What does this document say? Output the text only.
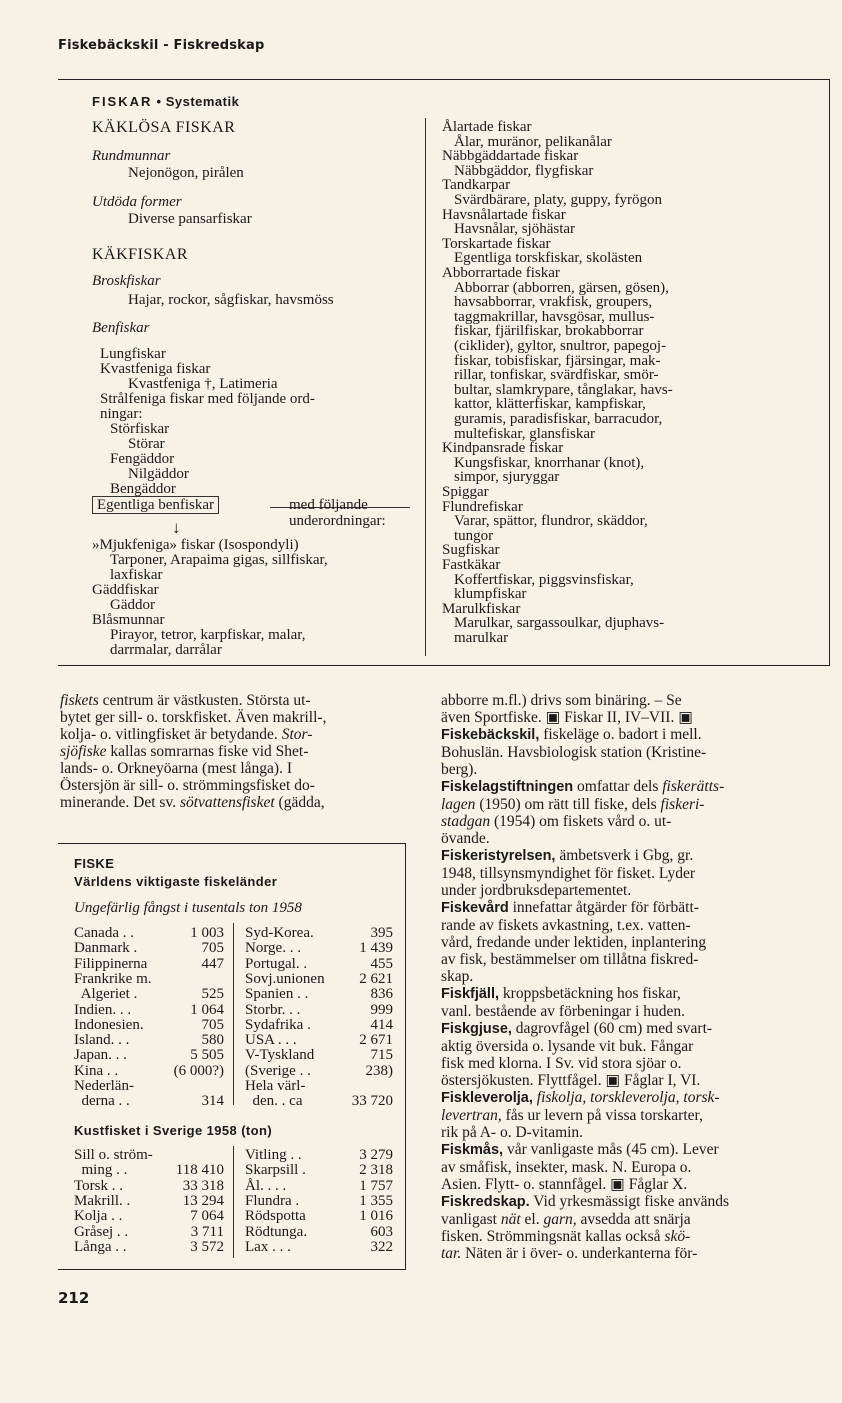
Fiskebäckskil - Fiskredskap
FISKAR • Systematik
KÄKLÖSA FISKAR
Rundmunnar
Nejonögon, pirålen
Utdöda former
Diverse pansarfiskar
KÄKFISKAR
Broskfiskar
Hajar, rockor, sågfiskar, havsmöss
Benfiskar
Lungfiskar
Kvastfeniga fiskar
Kvastfeniga †, Latimeria
Strålfeniga fiskar med följande ord-
ningar:
Störfiskar
Störar
Fengäddor
Nilgäddor
Bengäddor
Egentliga benfiskar	med följande
underordningar:
↓
»Mjukfeniga» fiskar (Isospondyli)
Tarponer, Arapaima gigas, sillfiskar,
laxfiskar
Gäddfiskar
Gäddor
Blåsmunnar
Pirayor, tetror, karpfiskar, malar,
darrmalar, darrålar
Ålartade fiskar
Ålar, muränor, pelikanålar
Näbbgäddartade fiskar
Näbbgäddor, flygfiskar
Tandkarpar
Svärdbärare, platy, guppy, fyrögon
Havsnålartade fiskar
Havsnålar, sjöhästar
Torskartade fiskar
Egentliga torskfiskar, skolästen
Abborrartade fiskar
Abborrar (abborren, gärsen, gösen),
havsabborrar, vrakfisk, groupers,
taggmakrillar, havsgösar, mullus-
fiskar, fjärilfiskar, brokabborrar
(ciklider), gyltor, snultror, papegoj-
fiskar, tobisfiskar, fjärsingar, mak-
rillar, tonfiskar, svärdfiskar, smör-
bultar, slamkrypare, tånglakar, havs-
kattor, klätterfiskar, kampfiskar,
guramis, paradisfiskar, barracudor,
multefiskar, glansfiskar
Kindpansrade fiskar
Kungsfiskar, knorrhanar (knot),
simpor, sjuryggar
Spiggar
Flundrefiskar
Varar, spättor, flundror, skäddor,
tungor
Sugfiskar
Fastkäkar
Koffertfiskar, piggsvinsfiskar,
klumpfiskar
Marulkfiskar
Marulkar, sargassoulkar, djuphavs-
marulkar
fiskets centrum är västkusten. Största ut-
bytet ger sill- o. torskfisket. Även makrill-,
kolja- o. vitlingfisket är betydande. Stor-
sjöfiske kallas somrarnas fiske vid Shet-
lands- o. Orkneyöarna (mest långa). I
Östersjön är sill- o. strömmingsfisket do-
minerande. Det sv. sötvattensfisket (gädda,
FISKE
Världens viktigaste fiskeländer
Ungefärlig fångst i tusentals ton 1958
Canada . .	1 003
Danmark .	705
Filippinerna	447
Frankrike m.
Algeriet .	525
Indien. . .	1 064
Indonesien.	705
Island. . .	580
Japan. . .	5 505
Kina . .	(6 000?)
Nederlän-
derna . .	314
Syd-Korea.	395
Norge. . .	1 439
Portugal. .	455
Sovj.unionen 2 621
Spanien . .	836
Storbr. . .	999
Sydafrika .	414
USA . . .	2 671
V-Tyskland	715
(Sverige . .	238)
Hela värl-
den. . ca	33 720
Kustfisket i Sverige 1958 (ton)
Sill o. ström-
ming . .	118 410
Torsk . .	33 318
Makrill. .	13 294
Kolja . .	7 064
Gråsej . .	3 711
Långa . .	3 572
Vitling . .	3 279
Skarpsill .	2 318
Ål. . . .	1 757
Flundra .	1 355
Rödspotta	1 016
Rödtunga.	603
Lax . . .	322
abborre m.fl.) drivs som binäring. – Se
även Sportfiske. ▣ Fiskar II, IV–VII. ▣
Fiskebäckskil, fiskeläge o. badort i mell.
Bohuslän. Havsbiologisk station (Kristine-
berg).
Fiskelagstiftningen omfattar dels fiskerätts-
lagen (1950) om rätt till fiske, dels fiskeri-
stadgan (1954) om fiskets vård o. ut-
övande.
Fiskeristyrelsen, ämbetsverk i Gbg, gr.
1948, tillsynsmyndighet för fisket. Lyder
under jordbruksdepartementet.
Fiskevård innefattar åtgärder för förbätt-
rande av fiskets avkastning, t.ex. vatten-
vård, fredande under lektiden, inplantering
av fisk, bestämmelser om tillåtna fiskred-
skap.
Fiskfjäll, kroppsbetäckning hos fiskar,
vanl. bestående av förbeningar i huden.
Fiskgjuse, dagrovfågel (60 cm) med svart-
aktig översida o. lysande vit buk. Fångar
fisk med klorna. I Sv. vid stora sjöar o.
östersjökusten. Flyttfågel. ▣ Fåglar I, VI.
Fiskleverolja, fiskolja, torskleverolja, torsk-
levertran, fås ur levern på vissa torskarter,
rik på A- o. D-vitamin.
Fiskmås, vår vanligaste mås (45 cm). Lever
av småfisk, insekter, mask. N. Europa o.
Asien. Flytt- o. stannfågel. ▣ Fåglar X.
Fiskredskap. Vid yrkesmässigt fiske används
vanligast nät el. garn, avsedda att snärja
fisken. Strömmingsnät kallas också skö-
tar. Näten är i över- o. underkanterna för-
212
